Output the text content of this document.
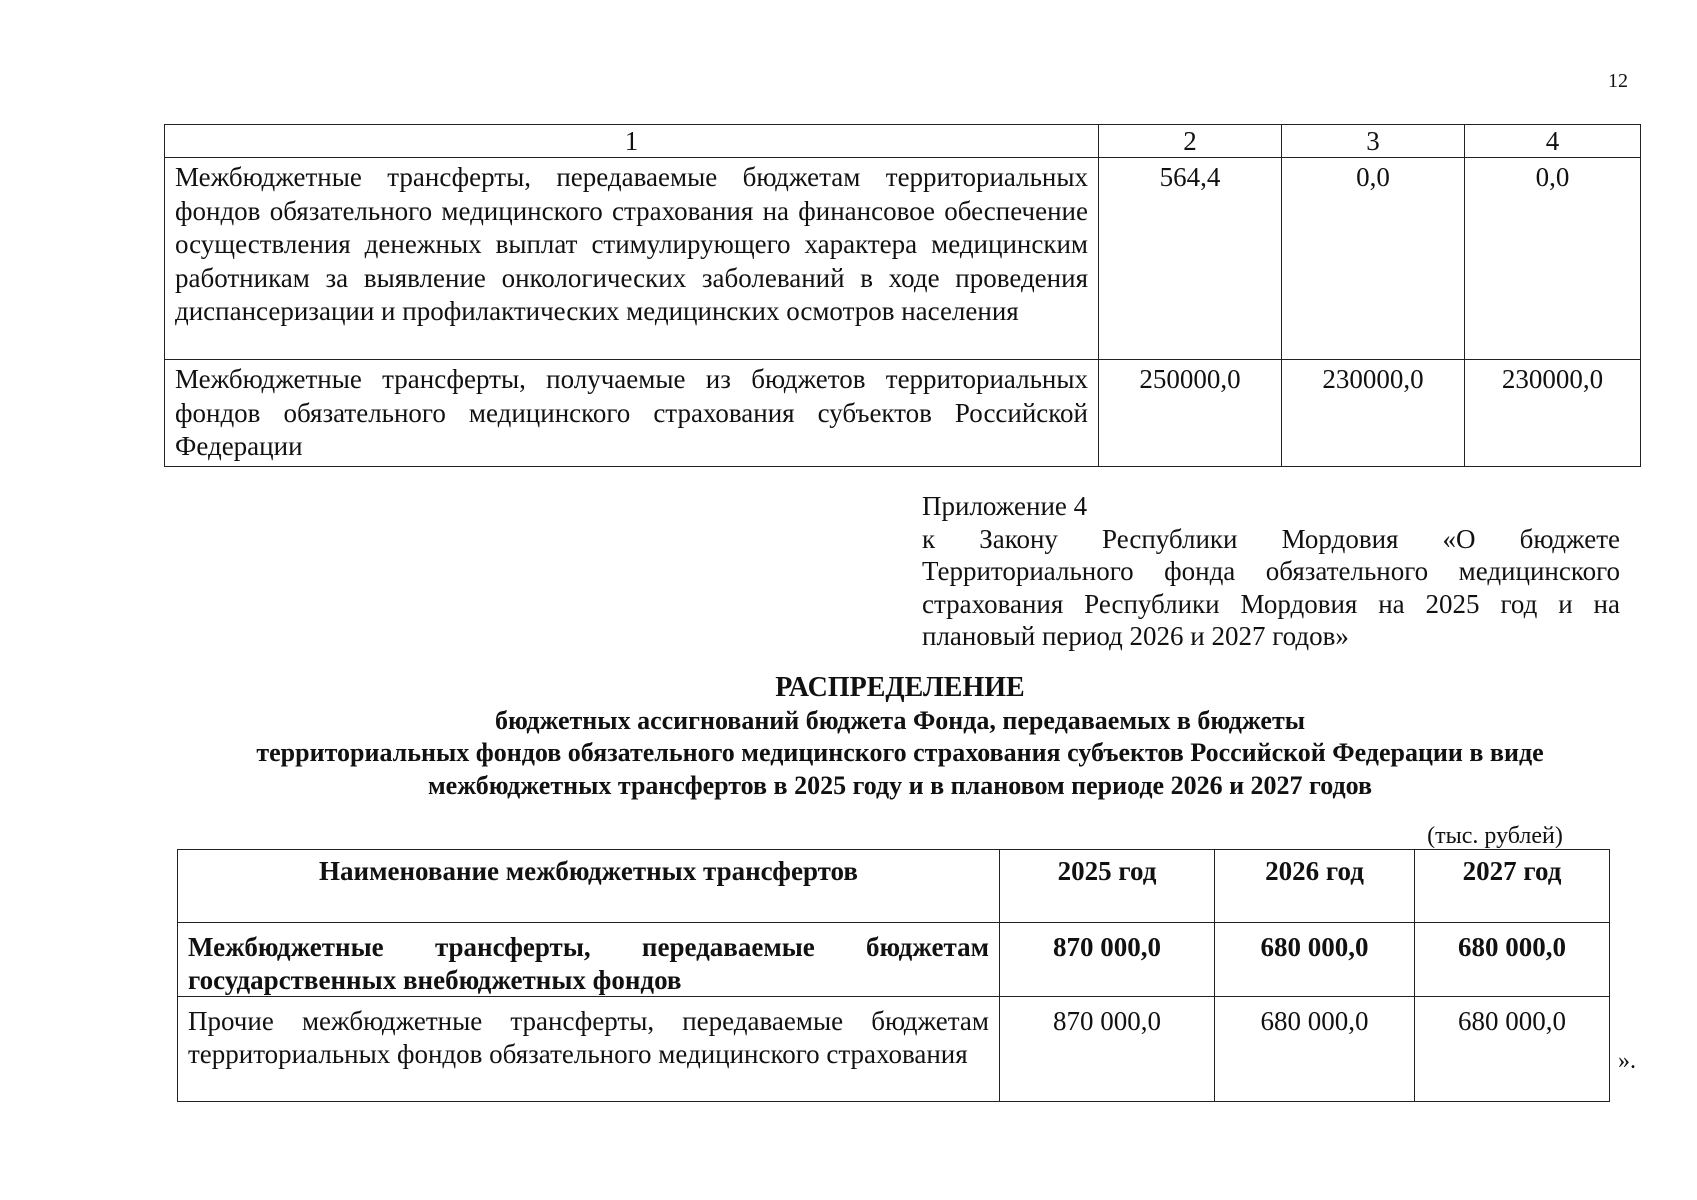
12
1	2	3	4
Межбюджетные трансферты, передаваемые бюджетам территориальных фондов обязательного медицинского страхования на финансовое обеспечение осуществления денежных выплат стимулирующего характера медицинским работникам за выявление онкологических заболеваний в ходе проведения диспансеризации и профилактических медицинских осмотров населения	564,4	0,0	0,0
Межбюджетные трансферты, получаемые из бюджетов территориальных фондов обязательного медицинского страхования субъектов Российской Федерации	250000,0	230000,0	230000,0
Приложение 4
к Закону Республики Мордовия «О бюджете Территориального фонда обязательного медицинского страхования Республики Мордовия на 2025 год и на плановый период 2026 и 2027 годов»
РАСПРЕДЕЛЕНИЕ
бюджетных ассигнований бюджета Фонда, передаваемых в бюджеты
территориальных фондов обязательного медицинского страхования субъектов Российской Федерации в виде
межбюджетных трансфертов в 2025 году и в плановом периоде 2026 и 2027 годов
(тыс. рублей)
Наименование межбюджетных трансфертов	2025 год	2026 год	2027 год
Межбюджетные трансферты, передаваемые бюджетам государственных внебюджетных фондов	870 000,0	680 000,0	680 000,0
Прочие межбюджетные трансферты, передаваемые бюджетам территориальных фондов обязательного медицинского страхования	870 000,0	680 000,0	680 000,0
».
